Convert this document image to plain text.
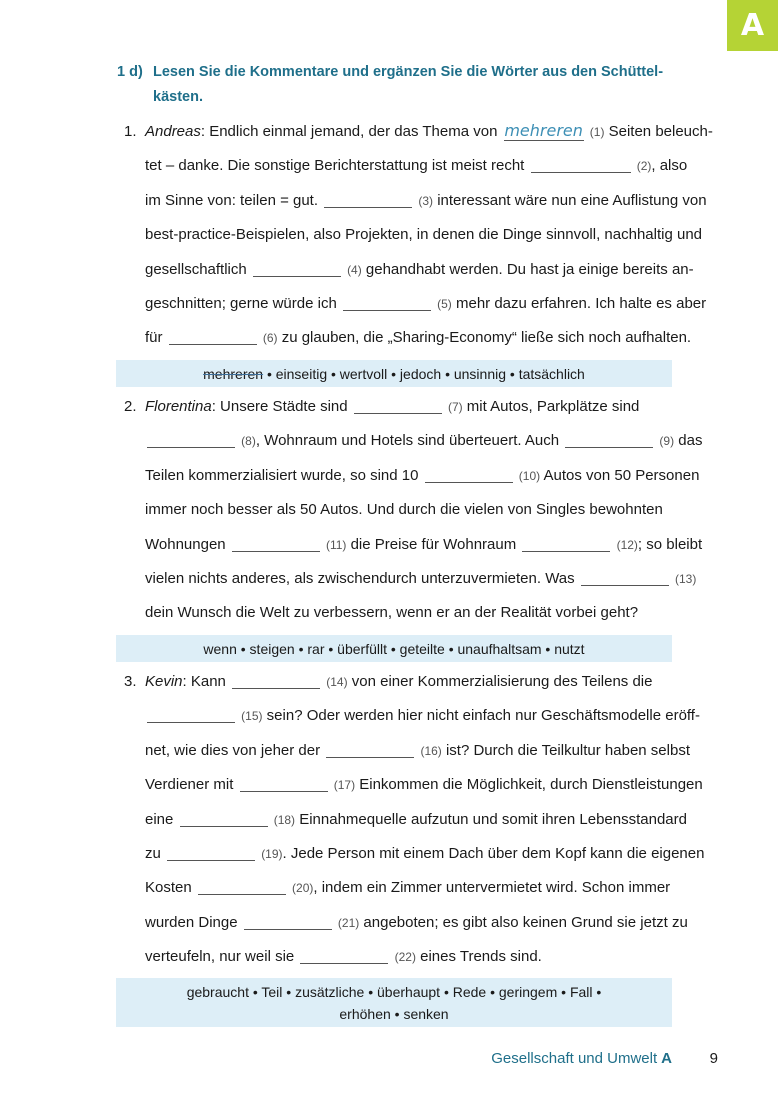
A
1 d) Lesen Sie die Kommentare und ergänzen Sie die Wörter aus den Schüttel-
kästen.
1. Andreas: Endlich einmal jemand, der das Thema von mehreren (1) Seiten beleuch-
tet – danke. Die sonstige Berichterstattung ist meist recht	(2), also
im Sinne von: teilen = gut.	(3) interessant wäre nun eine Auflistung von
best-practice-Beispielen, also Projekten, in denen die Dinge sinnvoll, nachhaltig und
gesellschaftlich	(4) gehandhabt werden. Du hast ja einige bereits an-
geschnitten; gerne würde ich	(5) mehr dazu erfahren. Ich halte es aber
für	(6) zu glauben, die „Sharing-Economy“ ließe sich noch aufhalten.
mehreren • einseitig • wertvoll • jedoch • unsinnig • tatsächlich
2. Florentina: Unsere Städte sind	(7) mit Autos, Parkplätze sind
(8), Wohnraum und Hotels sind überteuert. Auch	(9) das
Teilen kommerzialisiert wurde, so sind 10	(10) Autos von 50 Personen
immer noch besser als 50 Autos. Und durch die vielen von Singles bewohnten
Wohnungen	(11) die Preise für Wohnraum	(12); so bleibt
vielen nichts anderes, als zwischendurch unterzuvermieten. Was	(13)
dein Wunsch die Welt zu verbessern, wenn er an der Realität vorbei geht?
wenn • steigen • rar • überfüllt • geteilte • unaufhaltsam • nutzt
3. Kevin: Kann	(14) von einer Kommerzialisierung des Teilens die
(15) sein? Oder werden hier nicht einfach nur Geschäftsmodelle eröff-
net, wie dies von jeher der	(16) ist? Durch die Teilkultur haben selbst
Verdiener mit	(17) Einkommen die Möglichkeit, durch Dienstleistungen
eine	(18) Einnahmequelle aufzutun und somit ihren Lebensstandard
zu	(19). Jede Person mit einem Dach über dem Kopf kann die eigenen
Kosten	(20), indem ein Zimmer untervermietet wird. Schon immer
wurden Dinge	(21) angeboten; es gibt also keinen Grund sie jetzt zu
verteufeln, nur weil sie	(22) eines Trends sind.
gebraucht • Teil • zusätzliche • überhaupt • Rede • geringem • Fall •
erhöhen • senken
Gesellschaft und Umwelt A	9
